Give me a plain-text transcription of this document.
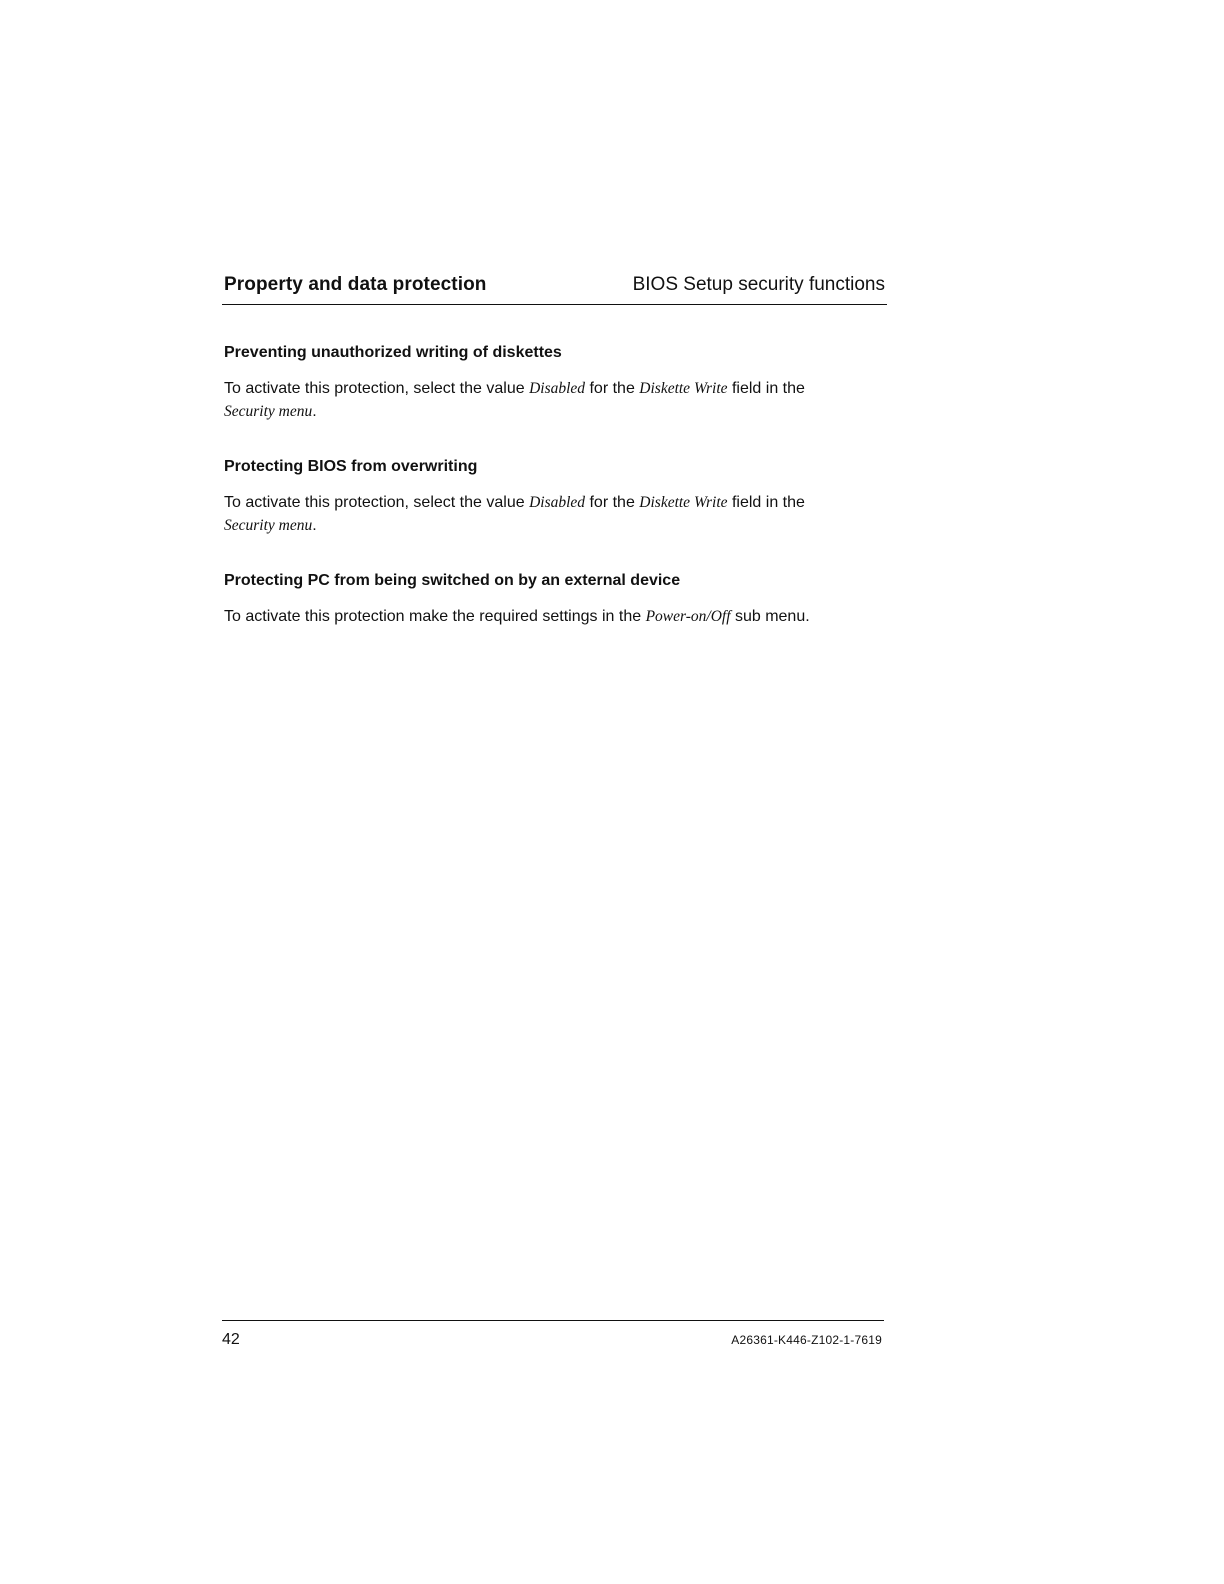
Property and data protection	BIOS Setup security functions
Preventing unauthorized writing of diskettes

To activate this protection, select the value Disabled for the Diskette Write field in the
Security menu.

Protecting BIOS from overwriting

To activate this protection, select the value Disabled for the Diskette Write field in the
Security menu.

Protecting PC from being switched on by an external device

To activate this protection make the required settings in the Power-on/Off sub menu.

42	A26361-K446-Z102-1-7619
